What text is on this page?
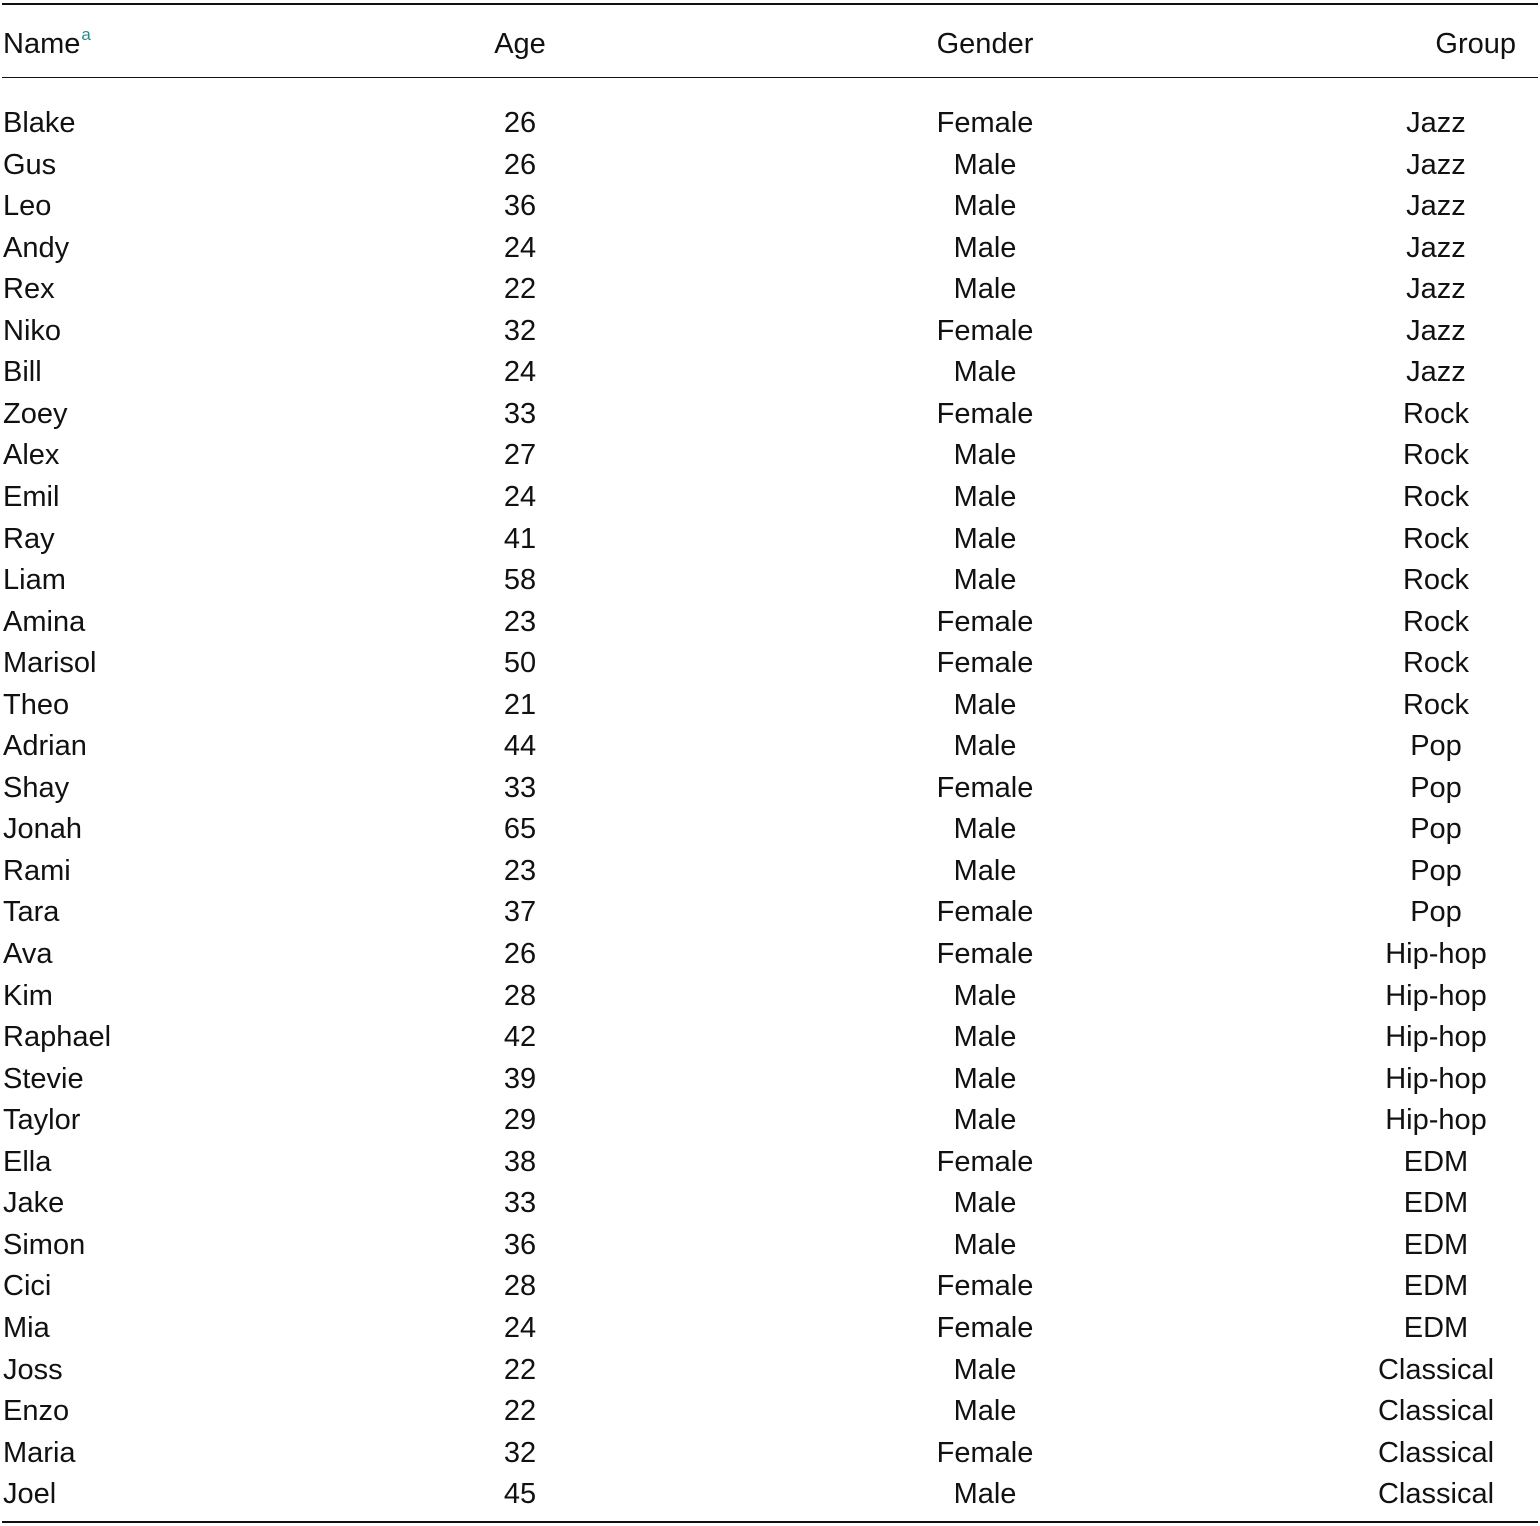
Name$^a$	Age	Gender	Group
Blake	26	Female	Jazz
Gus	26	Male	Jazz
Leo	36	Male	Jazz
Andy	24	Male	Jazz
Rex	22	Male	Jazz
Niko	32	Female	Jazz
Bill	24	Male	Jazz
Zoey	33	Female	Rock
Alex	27	Male	Rock
Emil	24	Male	Rock
Ray	41	Male	Rock
Liam	58	Male	Rock
Amina	23	Female	Rock
Marisol	50	Female	Rock
Theo	21	Male	Rock
Adrian	44	Male	Pop
Shay	33	Female	Pop
Jonah	65	Male	Pop
Rami	23	Male	Pop
Tara	37	Female	Pop
Ava	26	Female	Hip-hop
Kim	28	Male	Hip-hop
Raphael	42	Male	Hip-hop
Stevie	39	Male	Hip-hop
Taylor	29	Male	Hip-hop
Ella	38	Female	EDM
Jake	33	Male	EDM
Simon	36	Male	EDM
Cici	28	Female	EDM
Mia	24	Female	EDM
Joss	22	Male	Classical
Enzo	22	Male	Classical
Maria	32	Female	Classical
Joel	45	Male	Classical
